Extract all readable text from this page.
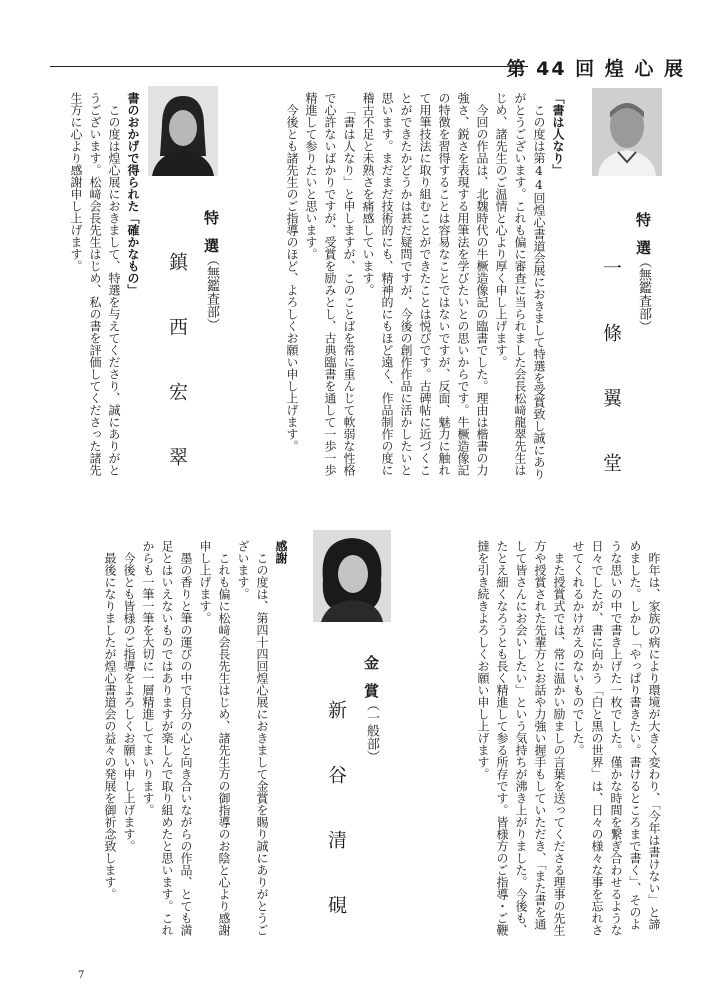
第 44 回 煌 心 展
特　選（無鑑査部）
一 條 翼 堂

「書は人なり」

この度は第44回煌心書道会展におきまして特選を受賞致し誠にありがとうございます。これも偏に審査に当られました会長松﨑龍翠先生はじめ、諸先生のご温情と心より厚く申し上げます。

今回の作品は、北魏時代の牛橛造像記の臨書でした。理由は楷書の力強さ、鋭さを表現する用筆法を学びたいとの思いからです。牛橛造像記の特徴を習得することは容易なことではないですが、反面、魅力に触れて用筆技法に取り組むことができたことは悦びです。古碑帖に近づくことができたかどうかは甚だ疑問ですが、今後の創作作品に活かしたいと思います。まだまだ技術的にも、精神的にもほど遠く、作品制作の度に稽古不足と未熟さを痛感しています。

「書は人なり」と申しますが、このことばを常に重んじて軟弱な性格で心許ないばかりですが、受賞を励みとし、古典臨書を通して一歩一歩精進して参りたいと思います。

今後とも諸先生のご指導のほど、よろしくお願い申し上げます。

特　選（無鑑査部）
鎮 西 宏 翠

書のおかげで得られた「確かなもの」

この度は煌心展におきまして、特選を与えてくださり、誠にありがとうございます。松﨑会長先生はじめ、私の書を評価してくださった諸先生方に心より感謝申し上げます。

昨年は、家族の病により環境が大きく変わり、「今年は書けない」と諦めました。しかし「やっぱり書きたい。書けるところまで書く」、そのような思いの中で書き上げた一枚でした。僅かな時間を繋ぎ合わせるような日々でしたが、書に向かう「白と黒の世界」は、日々の様々な事を忘れさせてくれるかけがえのないものでした。

また授賞式では、常に温かい励ましの言葉を送ってくださる理事の先生方や授賞された先輩方とお話や力強い握手もしていただき、「また書を通して皆さんにお会いしたい」という気持ちが沸き上がりました。今後も、たとえ細くなろうとも長く精進して参る所存です。皆様方のご指導・ご鞭撻を引き続きよろしくお願い申し上げます。

金　賞（一般部）
新 谷 清 硯

感謝

この度は、第四十四回煌心展におきまして金賞を賜り誠にありがとうございます。

これも偏に松﨑会長先生はじめ、諸先生方の御指導のお陰と心より感謝申し上げます。

墨の香りと筆の運びの中で自分の心と向き合いながらの作品、とても満足とはいえないものではありますが楽しんで取り組めたと思います。これからも一筆一筆を大切に一層精進してまいります。

今後とも皆様のご指導をよろしくお願い申し上げます。

最後になりましたが煌心書道会の益々の発展を御祈念致します。

7
